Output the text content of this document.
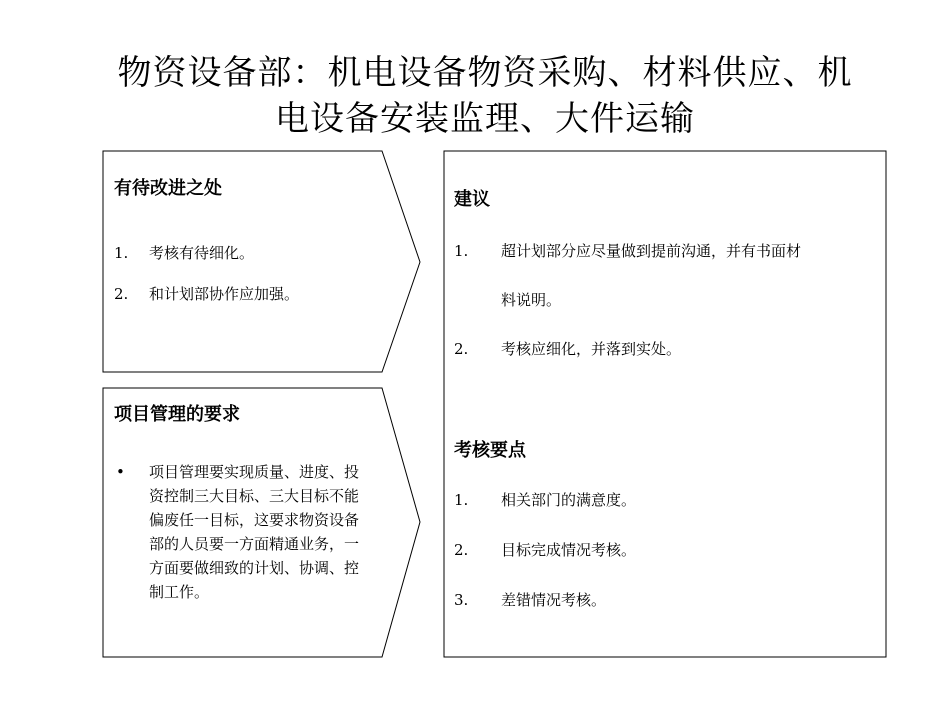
物资设备部：机电设备物资采购、材料供应、机
电设备安装监理、大件运输
有待改进之处
1. 考核有待细化。
2. 和计划部协作应加强。
项目管理的要求
• 项目管理要实现质量、进度、投
资控制三大目标、三大目标不能
偏废任一目标，这要求物资设备
部的人员要一方面精通业务，一
方面要做细致的计划、协调、控
制工作。
建议
1. 超计划部分应尽量做到提前沟通，并有书面材
料说明。
2. 考核应细化，并落到实处。
考核要点
1. 相关部门的满意度。
2. 目标完成情况考核。
3. 差错情况考核。
